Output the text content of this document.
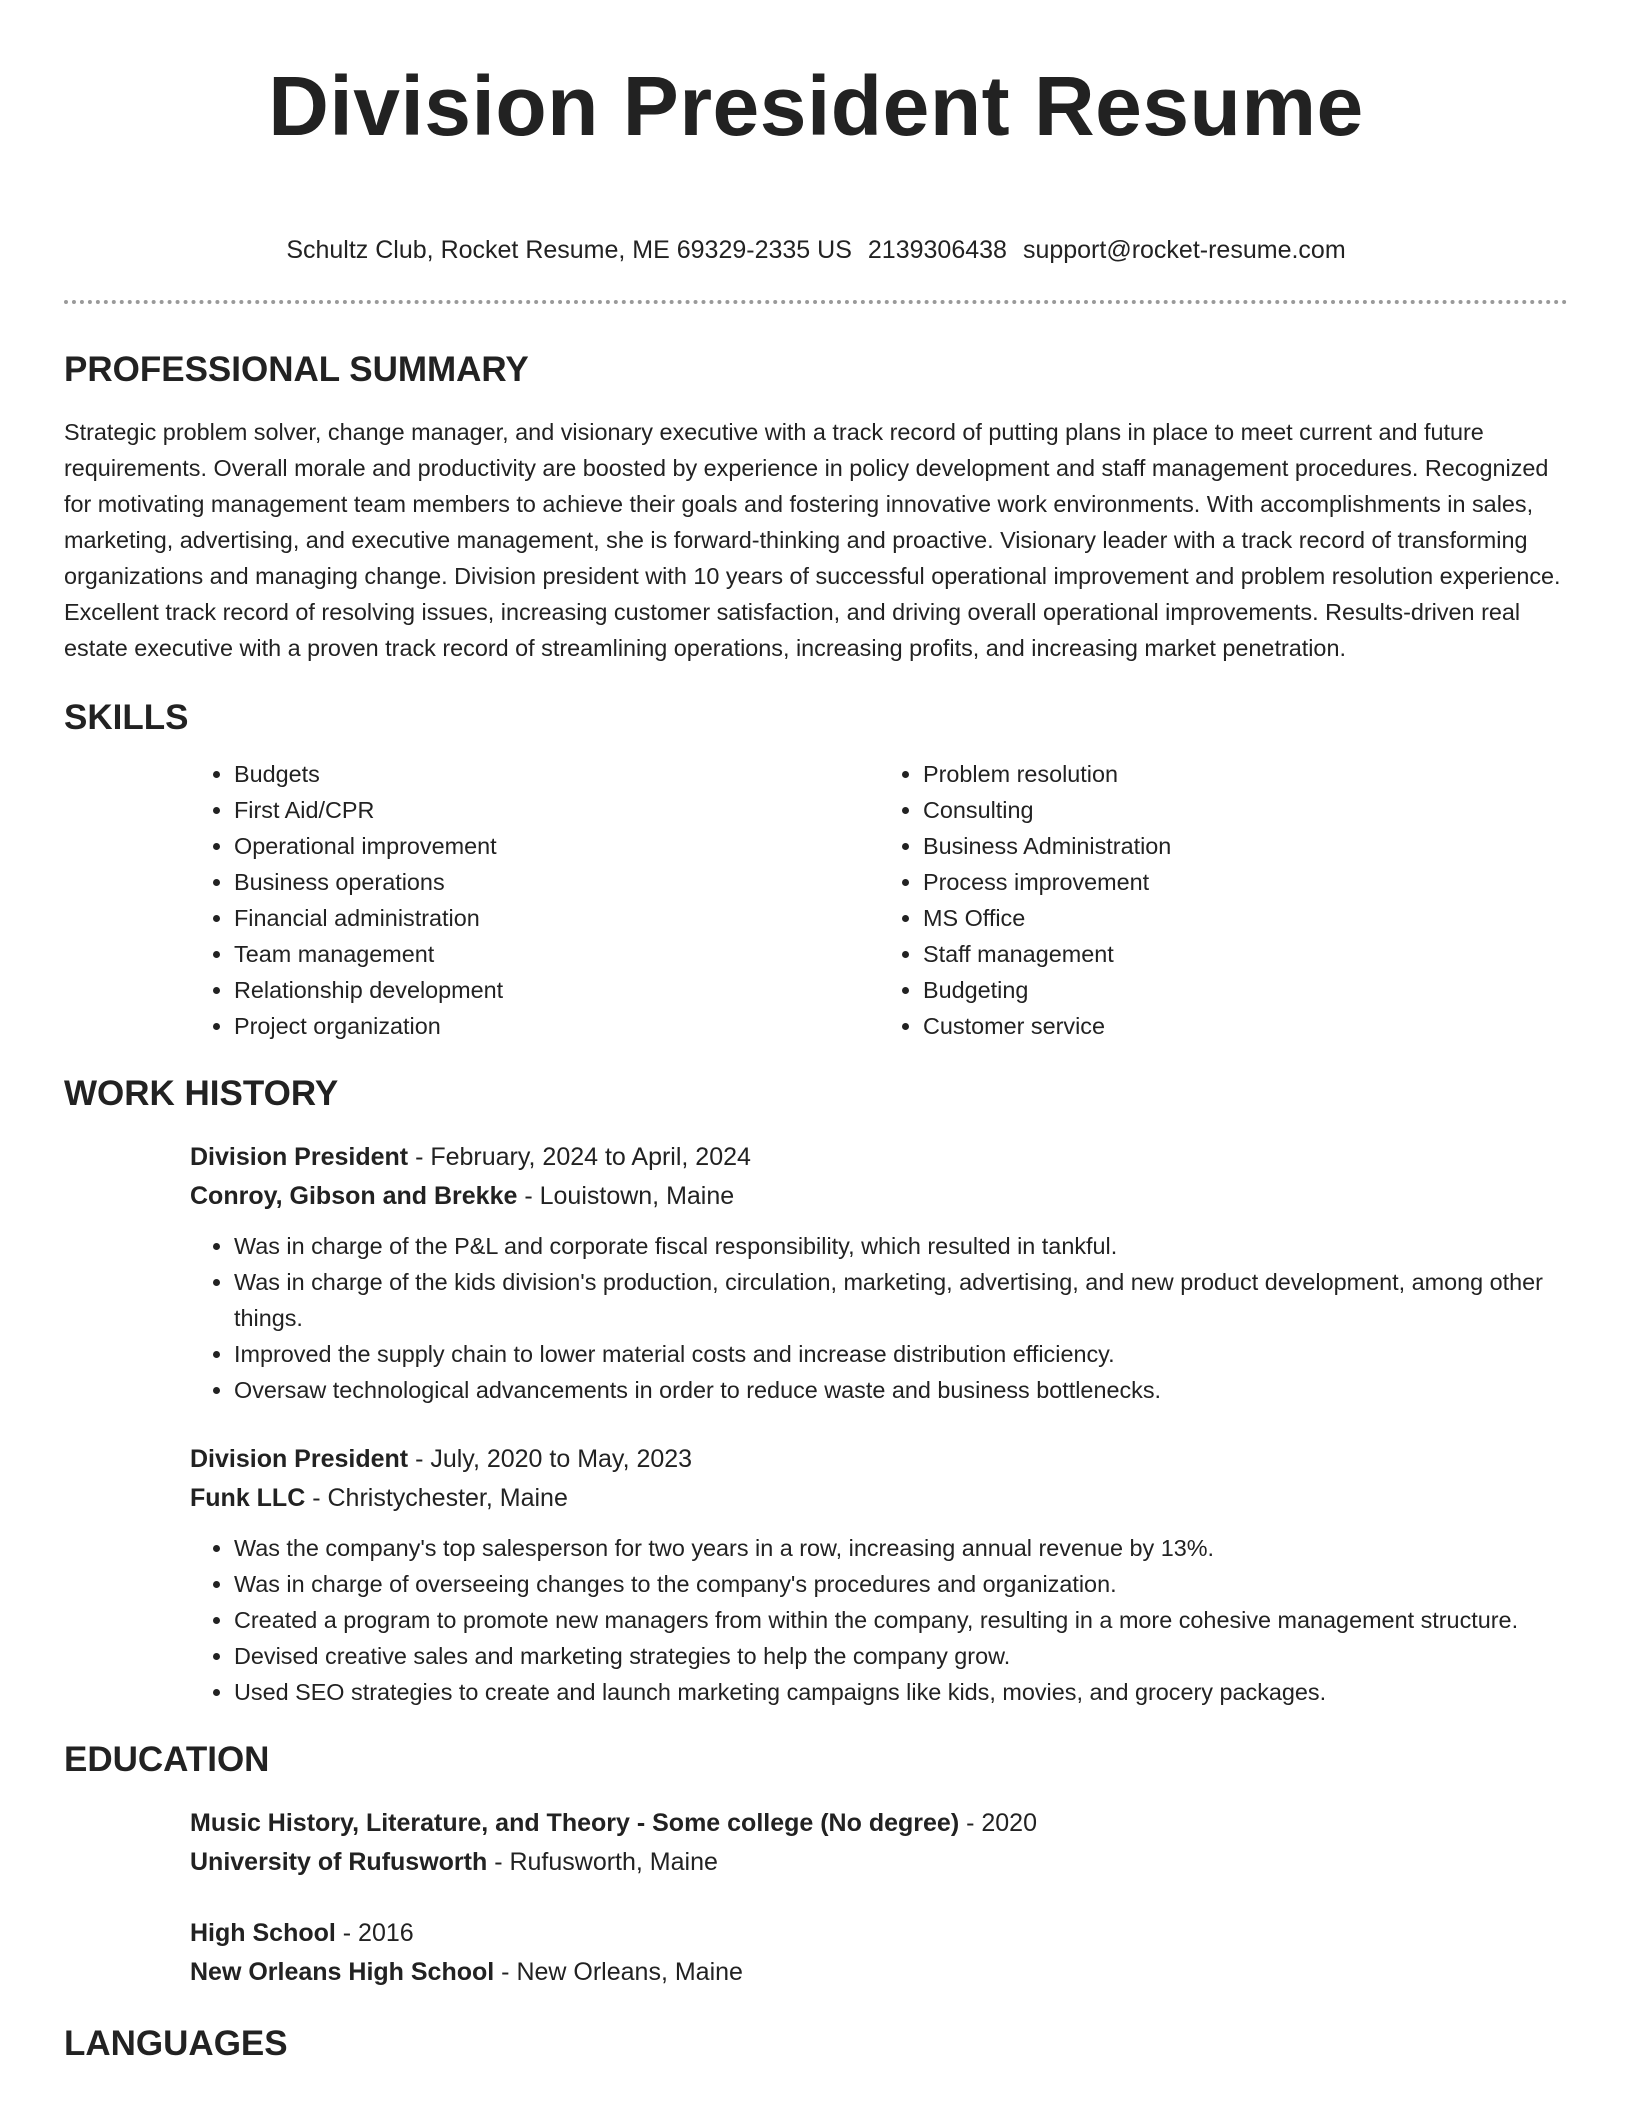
Division President Resume
Schultz Club, Rocket Resume, ME 69329-2335 US 2139306438 support@rocket-resume.com
PROFESSIONAL SUMMARY

Strategic problem solver, change manager, and visionary executive with a track record of putting plans in place to meet current and future requirements. Overall morale and productivity are boosted by experience in policy development and staff management procedures. Recognized for motivating management team members to achieve their goals and fostering innovative work environments. With accomplishments in sales, marketing, advertising, and executive management, she is forward-thinking and proactive. Visionary leader with a track record of transforming organizations and managing change. Division president with 10 years of successful operational improvement and problem resolution experience. Excellent track record of resolving issues, increasing customer satisfaction, and driving overall operational improvements. Results-driven real estate executive with a proven track record of streamlining operations, increasing profits, and increasing market penetration.

SKILLS
• Budgets
• First Aid/CPR
• Operational improvement
• Business operations
• Financial administration
• Team management
• Relationship development
• Project organization
• Problem resolution
• Consulting
• Business Administration
• Process improvement
• MS Office
• Staff management
• Budgeting
• Customer service
WORK HISTORY
Division President - February, 2024 to April, 2024
Conroy, Gibson and Brekke - Louistown, Maine
• Was in charge of the P&L and corporate fiscal responsibility, which resulted in tankful.
• Was in charge of the kids division's production, circulation, marketing, advertising, and new product development, among other things.
• Improved the supply chain to lower material costs and increase distribution efficiency.
• Oversaw technological advancements in order to reduce waste and business bottlenecks.
Division President - July, 2020 to May, 2023
Funk LLC - Christychester, Maine
• Was the company's top salesperson for two years in a row, increasing annual revenue by 13%.
• Was in charge of overseeing changes to the company's procedures and organization.
• Created a program to promote new managers from within the company, resulting in a more cohesive management structure.
• Devised creative sales and marketing strategies to help the company grow.
• Used SEO strategies to create and launch marketing campaigns like kids, movies, and grocery packages.
EDUCATION
Music History, Literature, and Theory - Some college (No degree) - 2020
University of Rufusworth - Rufusworth, Maine
High School - 2016
New Orleans High School - New Orleans, Maine
LANGUAGES
